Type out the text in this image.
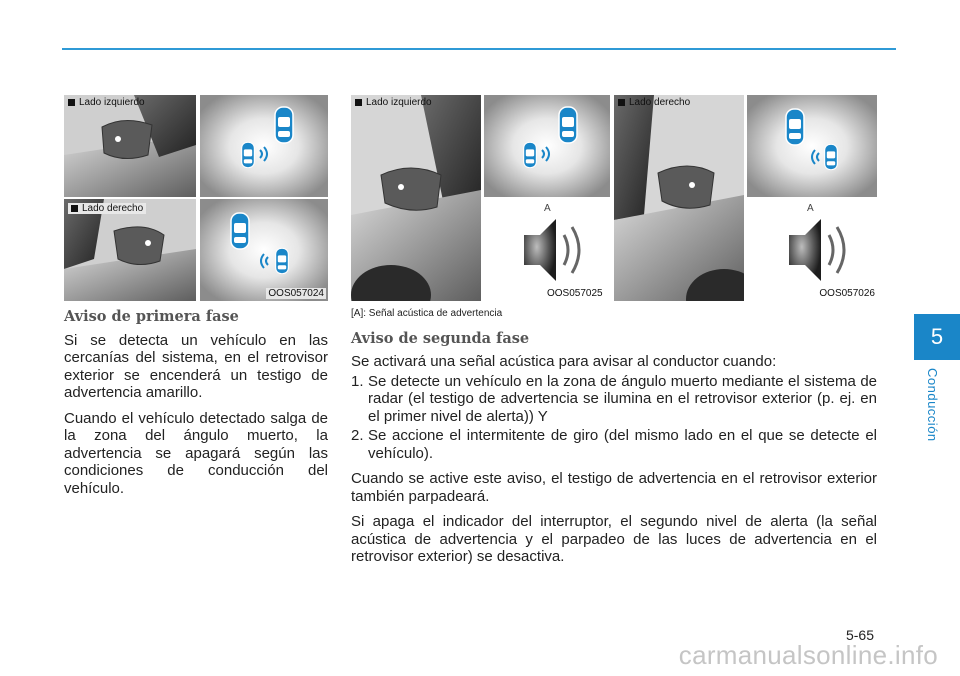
Lado izquierdo
Lado derecho
OOS057024
A	A
Lado izquierdo	Lado derecho
OOS057025	OOS057026
Aviso de primera fase

Si se detecta un vehículo en las cercanías del sistema, en el retrovisor exterior se encenderá un testigo de advertencia amarillo.

Cuando el vehículo detectado salga de la zona del ángulo muerto, la advertencia se apagará según las condiciones de conducción del vehículo.

[A]: Señal acústica de advertencia
Aviso de segunda fase

Se activará una señal acústica para avisar al conductor cuando:

1. Se detecte un vehículo en la zona de ángulo muerto mediante el sistema de radar (el testigo de advertencia se ilumina en el retrovisor exterior (p. ej. en el primer nivel de alerta)) Y
2. Se accione el intermitente de giro (del mismo lado en el que se detecte el vehículo).

Cuando se active este aviso, el testigo de advertencia en el retrovisor exterior también parpadeará.

Si apaga el indicador del interruptor, el segundo nivel de alerta (la señal acústica de advertencia y el parpadeo de las luces de advertencia en el retrovisor exterior) se desactiva.

5
Conducción
5-65
carmanualsonline.info
